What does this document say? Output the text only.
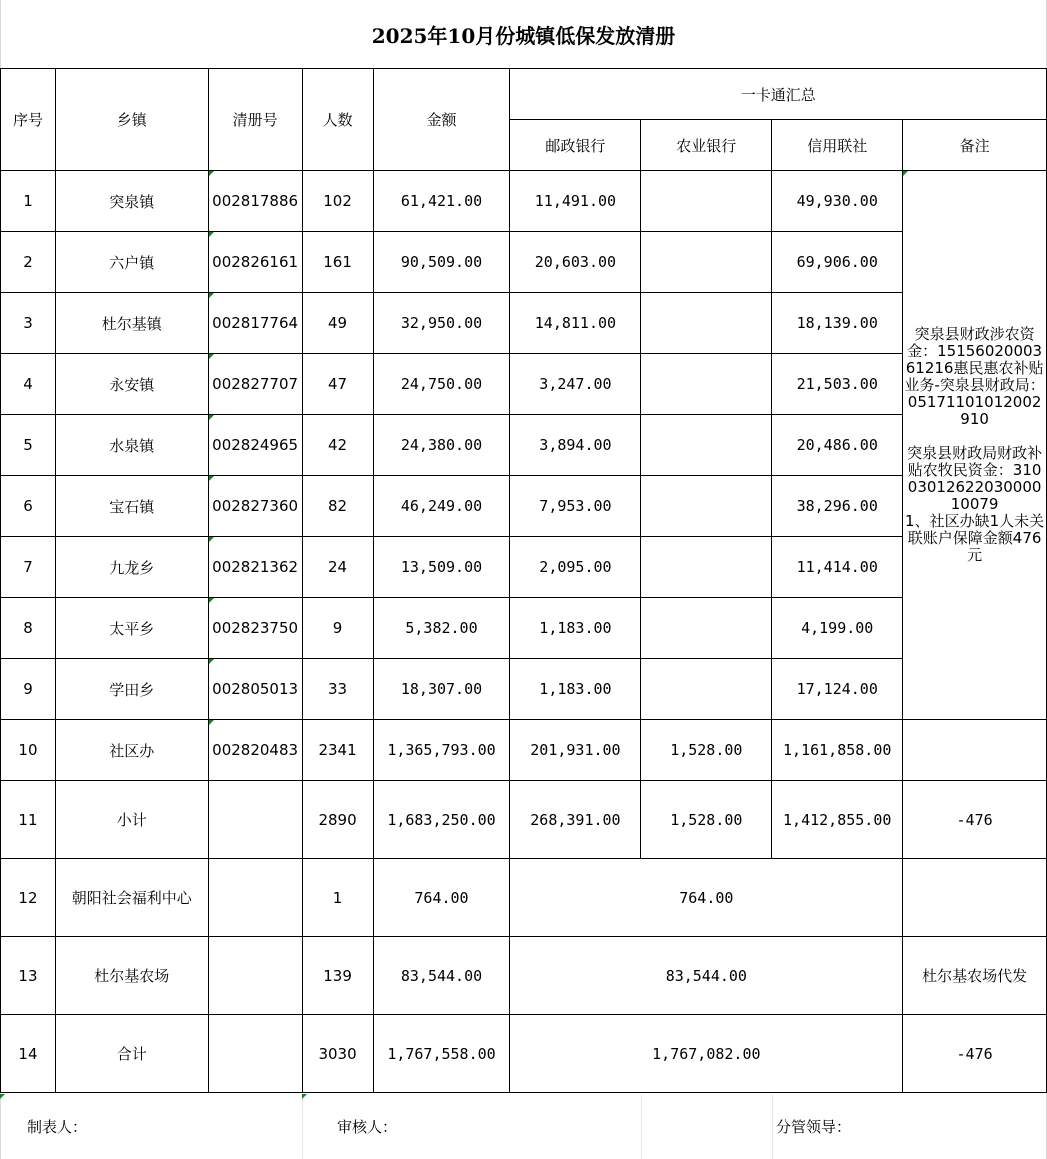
2025年10月份城镇低保发放清册
序号	乡镇	清册号	人数	金额	一卡通汇总			
					邮政银行	农业银行	信用联社	备注
1	突泉镇	002817886	102	61,421.00	11,491.00		49,930.00	突泉县财政涉农资金：1515602000361216惠民惠农补贴业务-突泉县财政局：05171101012002910

突泉县财政局财政补贴农牧民资金：3100301262203000010079
1、社区办缺1人未关联账户保障金额476元
2	六户镇	002826161	161	90,509.00	20,603.00		69,906.00	
3	杜尔基镇	002817764	49	32,950.00	14,811.00		18,139.00	
4	永安镇	002827707	47	24,750.00	3,247.00		21,503.00	
5	水泉镇	002824965	42	24,380.00	3,894.00		20,486.00	
6	宝石镇	002827360	82	46,249.00	7,953.00		38,296.00	
7	九龙乡	002821362	24	13,509.00	2,095.00		11,414.00	
8	太平乡	002823750	9	5,382.00	1,183.00		4,199.00	
9	学田乡	002805013	33	18,307.00	1,183.00		17,124.00	
10	社区办	002820483	2341	1,365,793.00	201,931.00	1,528.00	1,161,858.00	
11	小计		2890	1,683,250.00	268,391.00	1,528.00	1,412,855.00	-476
12	朝阳社会福利中心		1	764.00	764.00			
13	杜尔基农场		139	83,544.00	83,544.00			杜尔基农场代发
14	合计		3030	1,767,558.00	1,767,082.00			-476
制表人：	审核人：	分管领导：
